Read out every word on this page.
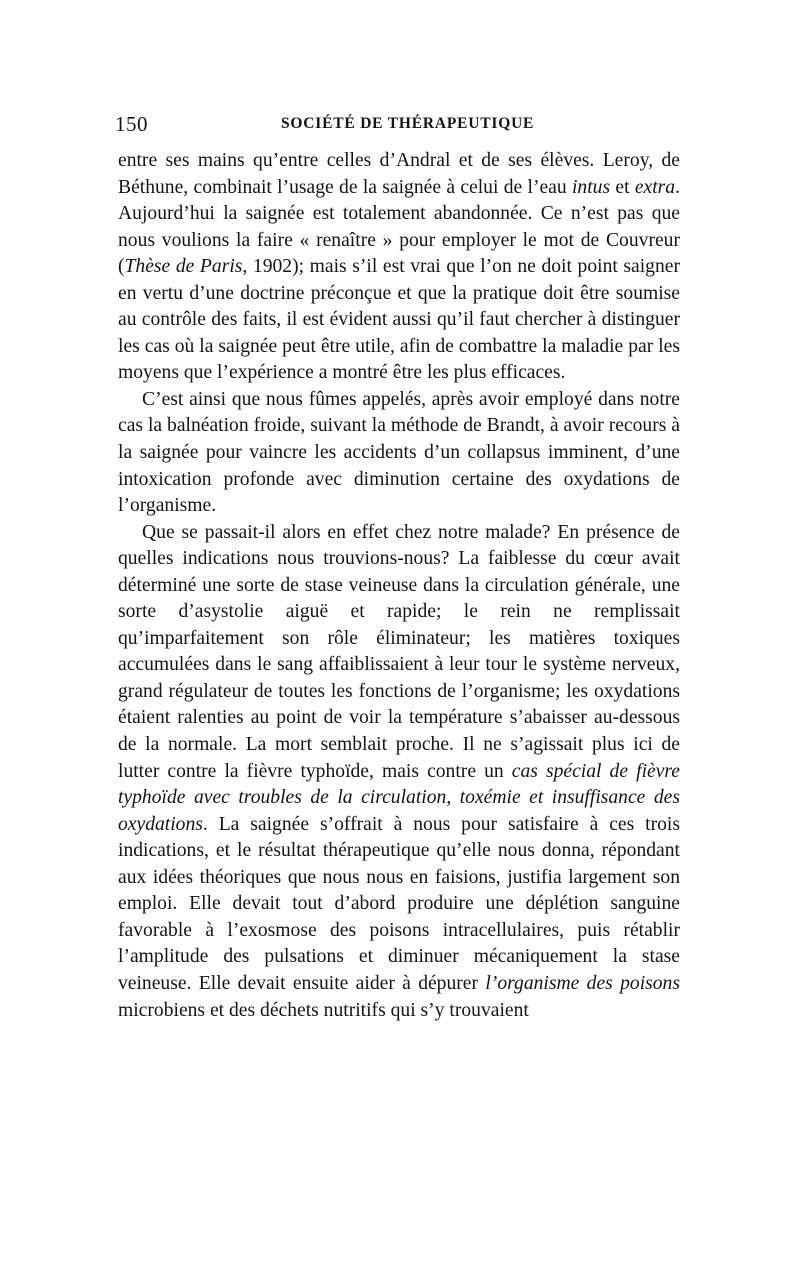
150	SOCIÉTÉ DE THÉRAPEUTIQUE

entre ses mains qu’entre celles d’Andral et de ses élèves. Leroy, de Béthune, combinait l’usage de la saignée à celui de l’eau intus et extra. Aujourd’hui la saignée est totalement abandonnée. Ce n’est pas que nous voulions la faire « renaître » pour employer le mot de Couvreur (Thèse de Paris, 1902); mais s’il est vrai que l’on ne doit point saigner en vertu d’une doctrine préconçue et que la pratique doit être soumise au contrôle des faits, il est évident aussi qu’il faut chercher à distinguer les cas où la saignée peut être utile, afin de combattre la maladie par les moyens que l’expérience a montré être les plus efficaces.

C’est ainsi que nous fûmes appelés, après avoir employé dans notre cas la balnéation froide, suivant la méthode de Brandt, à avoir recours à la saignée pour vaincre les accidents d’un collapsus imminent, d’une intoxication profonde avec diminution certaine des oxydations de l’organisme.

Que se passait-il alors en effet chez notre malade? En présence de quelles indications nous trouvions-nous? La faiblesse du cœur avait déterminé une sorte de stase veineuse dans la circulation générale, une sorte d’asystolie aiguë et rapide; le rein ne remplissait qu’imparfaitement son rôle éliminateur; les matières toxiques accumulées dans le sang affaiblissaient à leur tour le système nerveux, grand régulateur de toutes les fonctions de l’organisme; les oxydations étaient ralenties au point de voir la température s’abaisser au-dessous de la normale. La mort semblait proche. Il ne s’agissait plus ici de lutter contre la fièvre typhoïde, mais contre un cas spécial de fièvre typhoïde avec troubles de la circulation, toxémie et insuffisance des oxydations. La saignée s’offrait à nous pour satisfaire à ces trois indications, et le résultat thérapeutique qu’elle nous donna, répondant aux idées théoriques que nous nous en faisions, justifia largement son emploi. Elle devait tout d’abord produire une déplétion sanguine favorable à l’exosmose des poisons intracellulaires, puis rétablir l’amplitude des pulsations et diminuer mécaniquement la stase veineuse. Elle devait ensuite aider à dépurer l’organisme des poisons microbiens et des déchets nutritifs qui s’y trouvaient
